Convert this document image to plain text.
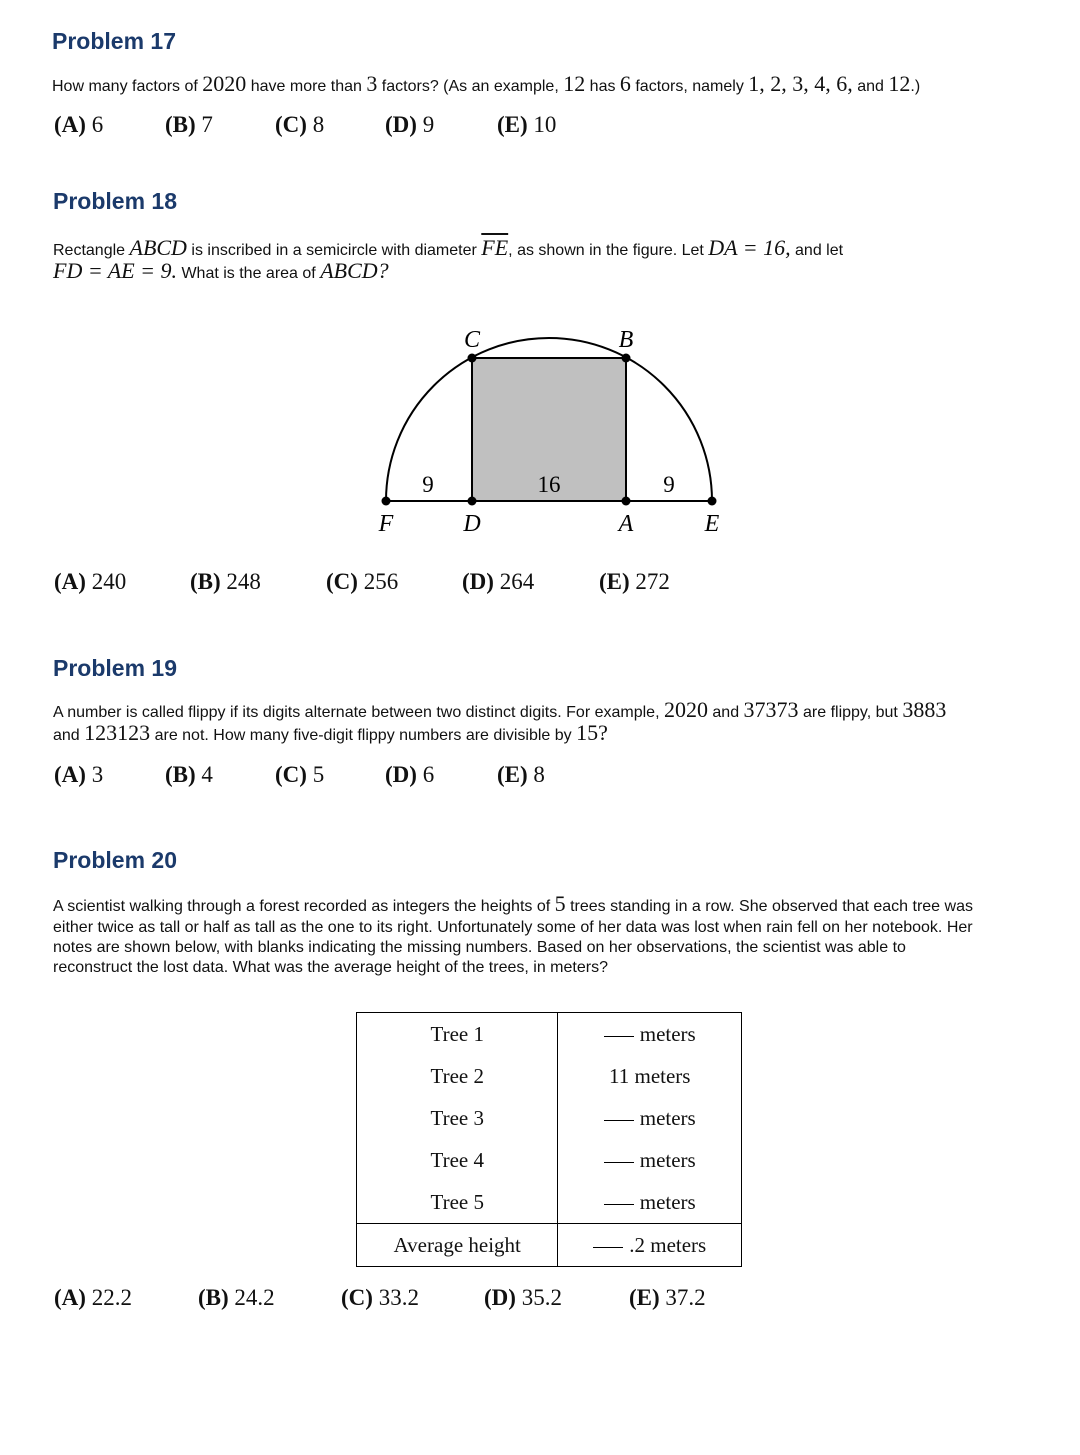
Problem 17
How many factors of 2020 have more than 3 factors? (As an example, 12 has 6 factors, namely 1, 2, 3, 4, 6, and 12.)
(A) 6	(B) 7	(C) 8	(D) 9	(E) 10
Problem 18
Rectangle ABCD is inscribed in a semicircle with diameter $\overline{FE}$, as shown in the figure. Let DA = 16, and let
FD = AE = 9. What is the area of ABCD?
C	B
F	D	A	E
9	16	9
(A) 240	(B) 248	(C) 256	(D) 264	(E) 272
Problem 19
A number is called flippy if its digits alternate between two distinct digits. For example, 2020 and 37373 are flippy, but 3883
and 123123 are not. How many five-digit flippy numbers are divisible by 15?
(A) 3	(B) 4	(C) 5	(D) 6	(E) 8
Problem 20
A scientist walking through a forest recorded as integers the heights of 5 trees standing in a row. She observed that each tree was
either twice as tall or half as tall as the one to its right. Unfortunately some of her data was lost when rain fell on her notebook. Her
notes are shown below, with blanks indicating the missing numbers. Based on her observations, the scientist was able to
reconstruct the lost data. What was the average height of the trees, in meters?
Tree 1	meters
Tree 2	11 meters
Tree 3	meters
Tree 4	meters
Tree 5	meters
Average height	.2 meters
(A) 22.2	(B) 24.2	(C) 33.2	(D) 35.2	(E) 37.2
